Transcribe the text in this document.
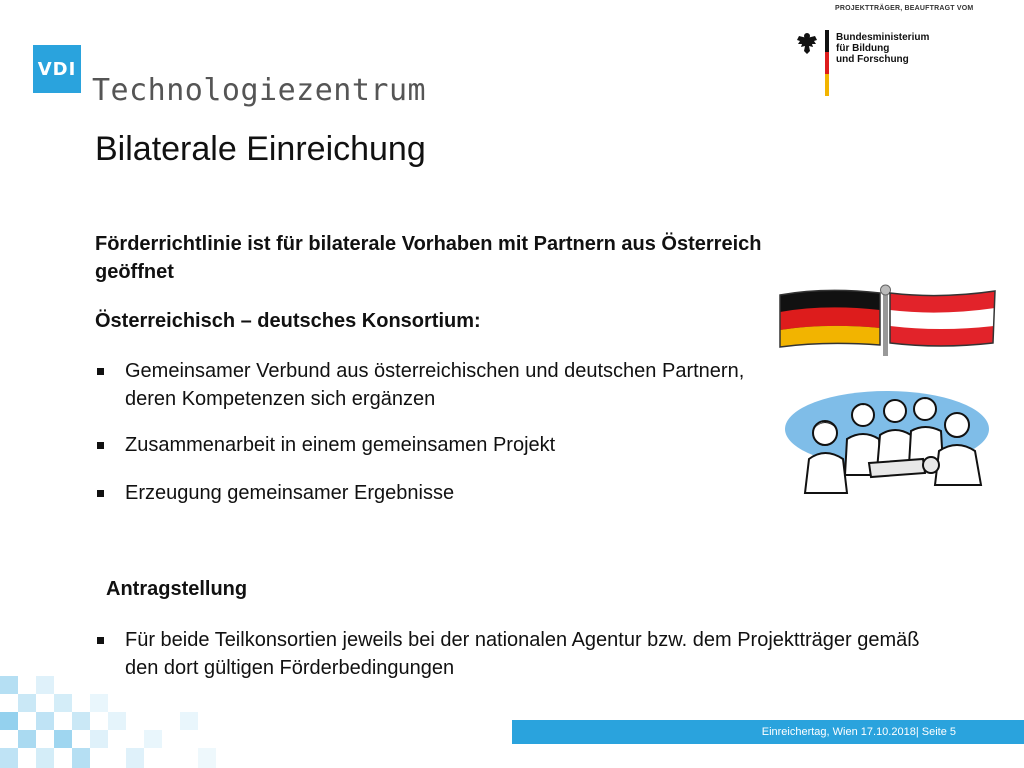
VDI
Technologiezentrum
PROJEKTTRÄGER, BEAUFTRAGT VOM
Bundesministerium
für Bildung
und Forschung
Bilaterale Einreichung
Förderrichtlinie ist für bilaterale Vorhaben mit Partnern aus Österreich geöffnet
Österreichisch – deutsches Konsortium:
Gemeinsamer Verbund aus österreichischen und deutschen Partnern, deren Kompetenzen sich ergänzen
Zusammenarbeit in einem gemeinsamen Projekt
Erzeugung gemeinsamer Ergebnisse
Antragstellung
Für beide Teilkonsortien jeweils bei der nationalen Agentur bzw. dem Projektträger gemäß den dort gültigen Förderbedingungen
Einreichertag, Wien 17.10.2018| Seite 5
